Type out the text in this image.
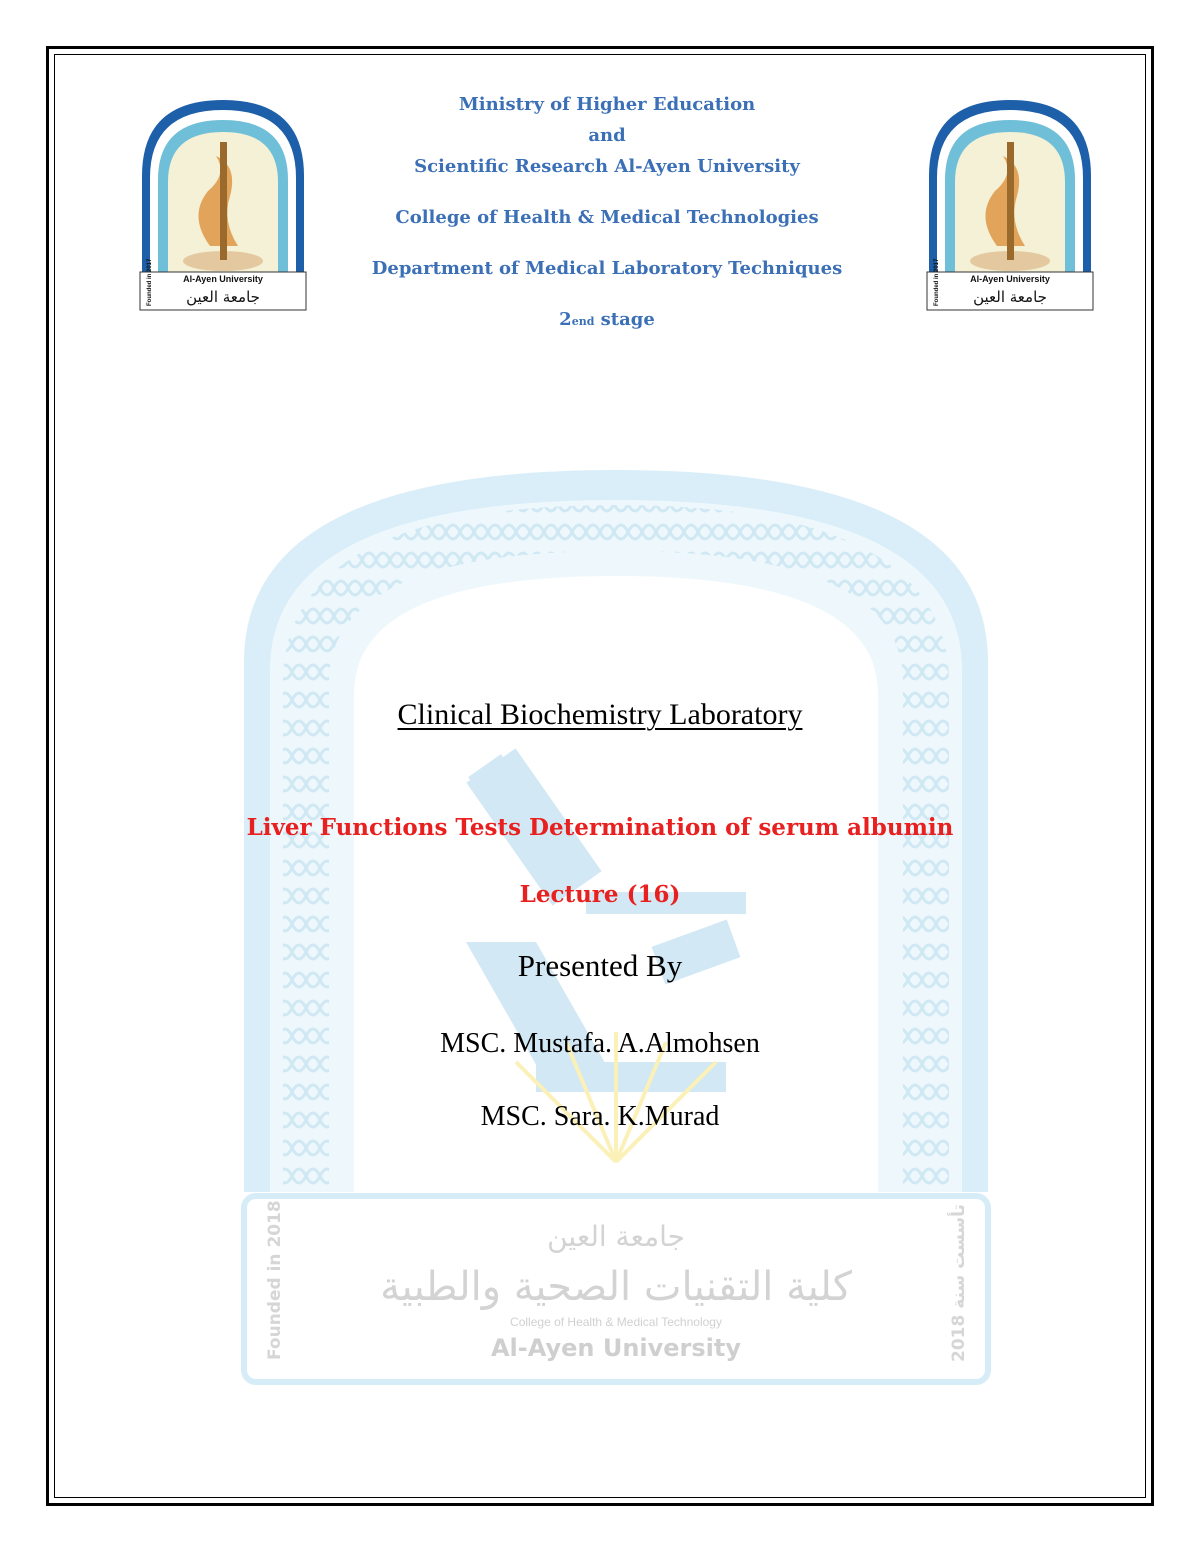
Al-Ayen University
جامعة العين
Founded in 2017	Al-Ayen University
جامعة العين
Founded in 2017
Ministry of Higher Education
and
Scientific Research Al-Ayen University
College of Health & Medical Technologies
Department of Medical Laboratory Techniques
2end stage
جامعة العين
كلية التقنيات الصحية والطبية
College of Health & Medical Technology
Al-Ayen University
Founded in 2018	تأسست سنة 2018
Clinical Biochemistry Laboratory
Liver Functions Tests Determination of serum albumin
Lecture (16)
Presented By
MSC. Mustafa. A.Almohsen
MSC. Sara. K.Murad
